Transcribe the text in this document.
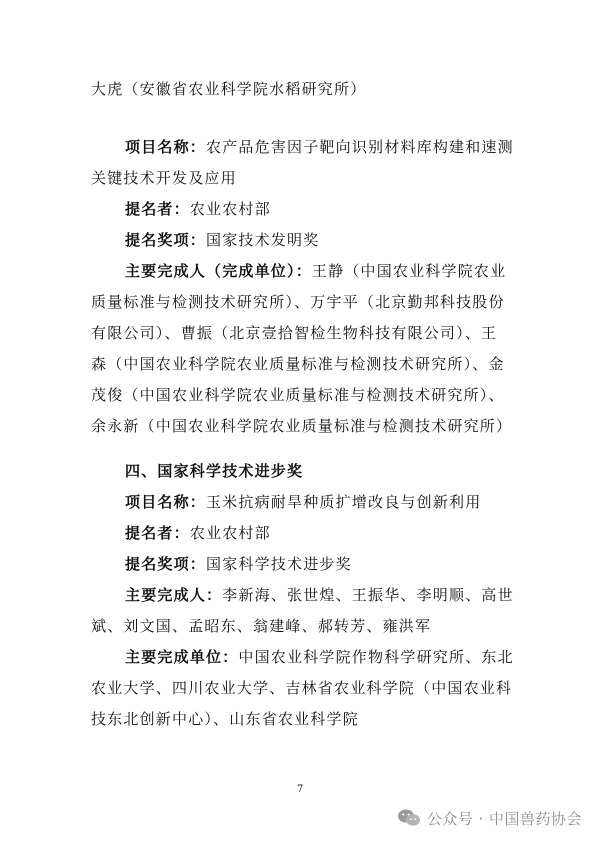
大虎（安徽省农业科学院水稻研究所）
项目名称：农产品危害因子靶向识别材料库构建和速测
关键技术开发及应用
提名者：农业农村部
提名奖项：国家技术发明奖
主要完成人（完成单位）：王静（中国农业科学院农业
质量标准与检测技术研究所）、万宇平（北京勤邦科技股份
有限公司）、曹振（北京壹拾智检生物科技有限公司）、王
森（中国农业科学院农业质量标准与检测技术研究所）、金
茂俊（中国农业科学院农业质量标准与检测技术研究所）、
余永新（中国农业科学院农业质量标准与检测技术研究所）
四、国家科学技术进步奖
项目名称：玉米抗病耐旱种质扩增改良与创新利用
提名者：农业农村部
提名奖项：国家科学技术进步奖
主要完成人：李新海、张世煌、王振华、李明顺、高世
斌、刘文国、孟昭东、翁建峰、郝转芳、雍洪军
主要完成单位：中国农业科学院作物科学研究所、东北
农业大学、四川农业大学、吉林省农业科学院（中国农业科
技东北创新中心）、山东省农业科学院
7
公众号 · 中国兽药协会
